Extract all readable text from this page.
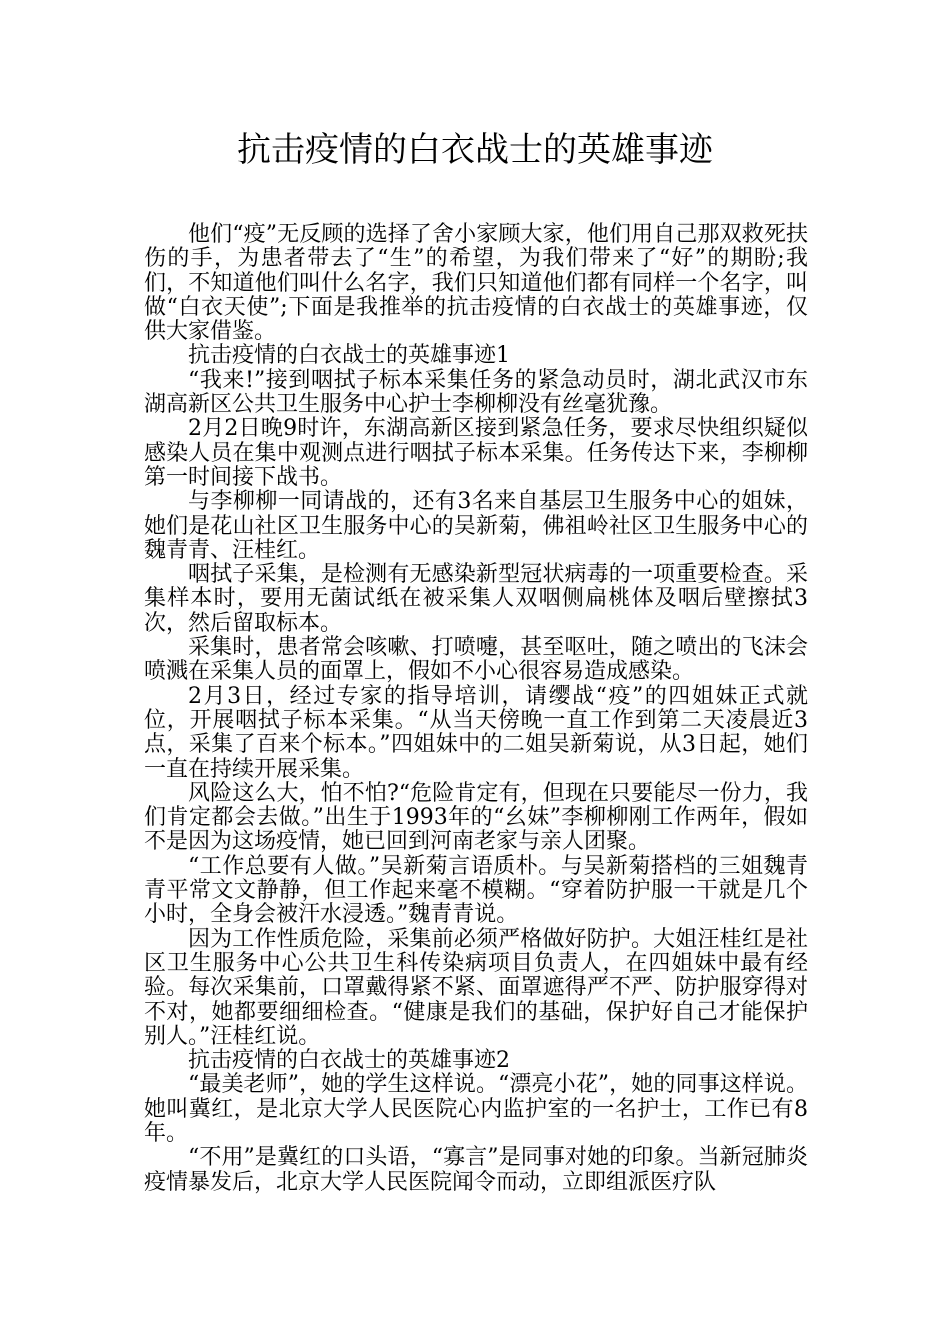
抗击疫情的白衣战士的英雄事迹

他们“疫”无反顾的选择了舍小家顾大家，他们用自己那双救死扶伤的手，为患者带去了“生”的希望，为我们带来了“好”的期盼;我们，不知道他们叫什么名字，我们只知道他们都有同样一个名字，叫做“白衣天使”;下面是我推举的抗击疫情的白衣战士的英雄事迹，仅供大家借鉴。

抗击疫情的白衣战士的英雄事迹1

“我来!”接到咽拭子标本采集任务的紧急动员时，湖北武汉市东湖高新区公共卫生服务中心护士李柳柳没有丝毫犹豫。

2月2日晚9时许，东湖高新区接到紧急任务，要求尽快组织疑似感染人员在集中观测点进行咽拭子标本采集。任务传达下来，李柳柳第一时间接下战书。

与李柳柳一同请战的，还有3名来自基层卫生服务中心的姐妹，她们是花山社区卫生服务中心的吴新菊，佛祖岭社区卫生服务中心的魏青青、汪桂红。

咽拭子采集，是检测有无感染新型冠状病毒的一项重要检查。采集样本时，要用无菌试纸在被采集人双咽侧扁桃体及咽后壁擦拭3次，然后留取标本。

采集时，患者常会咳嗽、打喷嚏，甚至呕吐，随之喷出的飞沫会喷溅在采集人员的面罩上，假如不小心很容易造成感染。

2月3日，经过专家的指导培训，请缨战“疫”的四姐妹正式就位，开展咽拭子标本采集。“从当天傍晚一直工作到第二天凌晨近3点，采集了百来个标本。”四姐妹中的二姐吴新菊说，从3日起，她们一直在持续开展采集。

风险这么大，怕不怕?“危险肯定有，但现在只要能尽一份力，我们肯定都会去做。”出生于1993年的“幺妹”李柳柳刚工作两年，假如不是因为这场疫情，她已回到河南老家与亲人团聚。

“工作总要有人做。”吴新菊言语质朴。与吴新菊搭档的三姐魏青青平常文文静静，但工作起来毫不模糊。“穿着防护服一干就是几个小时，全身会被汗水浸透。”魏青青说。

因为工作性质危险，采集前必须严格做好防护。大姐汪桂红是社区卫生服务中心公共卫生科传染病项目负责人，在四姐妹中最有经验。每次采集前，口罩戴得紧不紧、面罩遮得严不严、防护服穿得对不对，她都要细细检查。“健康是我们的基础，保护好自己才能保护别人。”汪桂红说。

抗击疫情的白衣战士的英雄事迹2

“最美老师”，她的学生这样说。“漂亮小花”，她的同事这样说。她叫冀红，是北京大学人民医院心内监护室的一名护士，工作已有8年。

“不用”是冀红的口头语，“寡言”是同事对她的印象。当新冠肺炎疫情暴发后，北京大学人民医院闻令而动，立即组派医疗队
